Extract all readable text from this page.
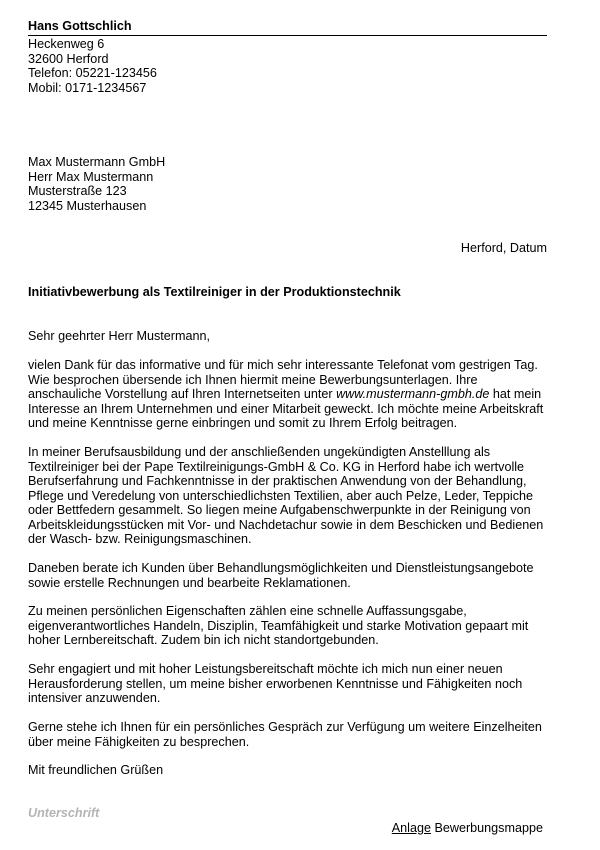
Hans Gottschlich
Heckenweg 6
32600 Herford
Telefon: 05221-123456
Mobil: 0171-1234567
Max Mustermann GmbH
Herr Max Mustermann
Musterstraße 123
12345 Musterhausen
Herford, Datum
Initiativbewerbung als Textilreiniger in der Produktionstechnik
Sehr geehrter Herr Mustermann,
vielen Dank für das informative und für mich sehr interessante Telefonat vom gestrigen Tag. Wie besprochen übersende ich Ihnen hiermit meine Bewerbungsunterlagen. Ihre anschauliche Vorstellung auf Ihren Internetseiten unter www.mustermann-gmbh.de hat mein Interesse an Ihrem Unternehmen und einer Mitarbeit geweckt. Ich möchte meine Arbeitskraft und meine Kenntnisse gerne einbringen und somit zu Ihrem Erfolg beitragen.
In meiner Berufsausbildung und der anschließenden ungekündigten Anstelllung als Textilreiniger bei der Pape Textilreinigungs-GmbH & Co. KG in Herford habe ich wertvolle Berufserfahrung und Fachkenntnisse in der praktischen Anwendung von der Behandlung, Pflege und Veredelung von unterschiedlichsten Textilien, aber auch Pelze, Leder, Teppiche oder Bettfedern gesammelt. So liegen meine Aufgabenschwerpunkte in der Reinigung von Arbeitskleidungsstücken mit Vor- und Nachdetachur sowie in dem Beschicken und Bedienen der Wasch- bzw. Reinigungsmaschinen.
Daneben berate ich Kunden über Behandlungsmöglichkeiten und Dienstleistungsangebote sowie erstelle Rechnungen und bearbeite Reklamationen.
Zu meinen persönlichen Eigenschaften zählen eine schnelle Auffassungsgabe, eigenverantwortliches Handeln, Disziplin, Teamfähigkeit und starke Motivation gepaart mit hoher Lernbereitschaft. Zudem bin ich nicht standortgebunden.
Sehr engagiert und mit hoher Leistungsbereitschaft möchte ich mich nun einer neuen Herausforderung stellen, um meine bisher erworbenen Kenntnisse und Fähigkeiten noch intensiver anzuwenden.
Gerne stehe ich Ihnen für ein persönliches Gespräch zur Verfügung um weitere Einzelheiten über meine Fähigkeiten zu besprechen.
Mit freundlichen Grüßen
Unterschrift
Anlage Bewerbungsmappe
